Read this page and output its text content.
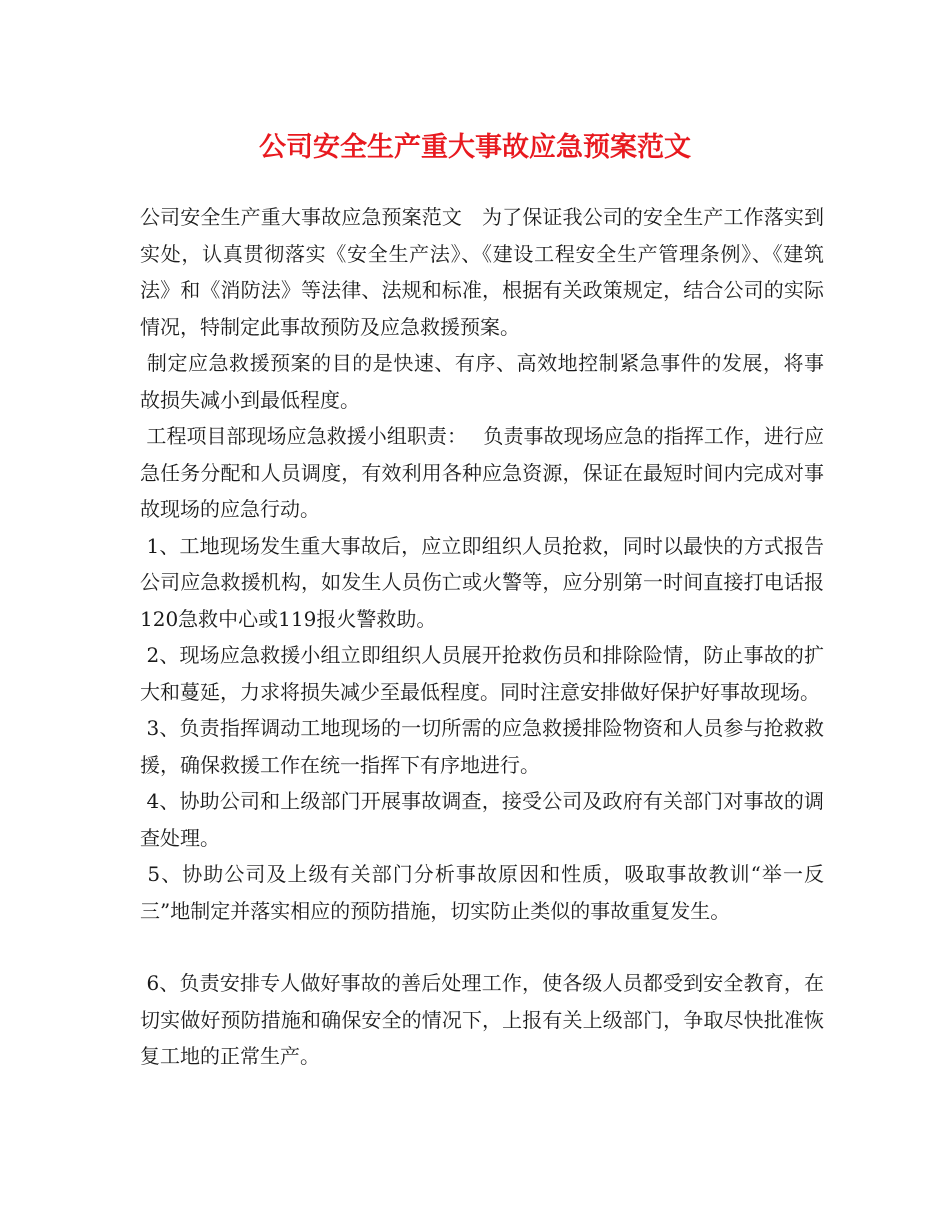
公司安全生产重大事故应急预案范文

公司安全生产重大事故应急预案范文　为了保证我公司的安全生产工作落实到实处，认真贯彻落实《安全生产法》、《建设工程安全生产管理条例》、《建筑法》和《消防法》等法律、法规和标准，根据有关政策规定，结合公司的实际情况，特制定此事故预防及应急救援预案。

制定应急救援预案的目的是快速、有序、高效地控制紧急事件的发展，将事故损失减小到最低程度。

工程项目部现场应急救援小组职责：　 负责事故现场应急的指挥工作，进行应急任务分配和人员调度，有效利用各种应急资源，保证在最短时间内完成对事故现场的应急行动。

1、工地现场发生重大事故后，应立即组织人员抢救，同时以最快的方式报告公司应急救援机构，如发生人员伤亡或火警等，应分别第一时间直接打电话报120急救中心或119报火警救助。

2、现场应急救援小组立即组织人员展开抢救伤员和排除险情，防止事故的扩大和蔓延，力求将损失减少至最低程度。同时注意安排做好保护好事故现场。

3、负责指挥调动工地现场的一切所需的应急救援排险物资和人员参与抢救救援，确保救援工作在统一指挥下有序地进行。

4、协助公司和上级部门开展事故调查，接受公司及政府有关部门对事故的调查处理。

5、协助公司及上级有关部门分析事故原因和性质，吸取事故教训“举一反三”地制定并落实相应的预防措施，切实防止类似的事故重复发生。

6、负责安排专人做好事故的善后处理工作，使各级人员都受到安全教育，在切实做好预防措施和确保安全的情况下，上报有关上级部门，争取尽快批准恢复工地的正常生产。
